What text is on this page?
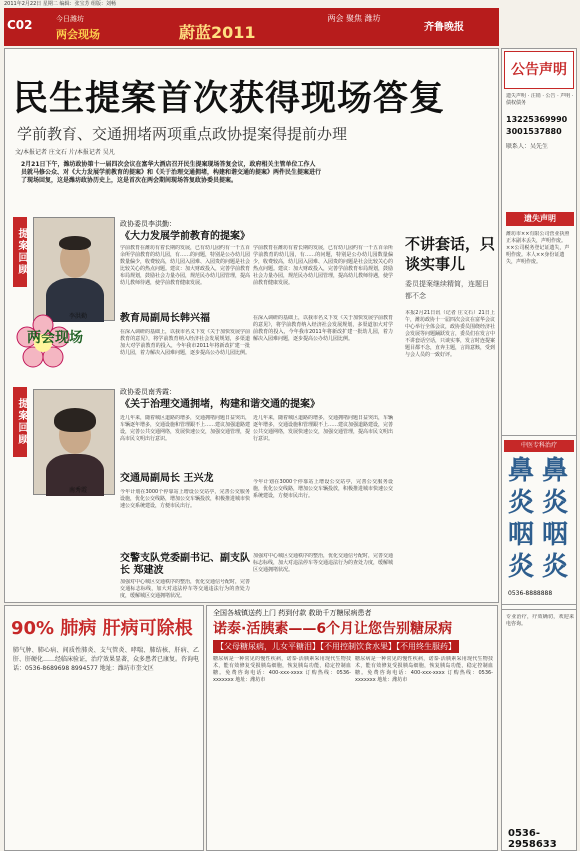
2011年2月22日 星期二 编辑：张宝芳 组版：刘畅
C02	今日潍坊
两会现场	蔚蓝2011
两会 聚焦 潍坊
齐鲁晚报
民生提案首次获得现场答复
学前教育、交通拥堵两项重点政协提案得提前办理
文/本报记者 庄文石 片/本报记者 吴凡
2月21日下午，潍坊政协第十一届四次会议在富华大酒店召开民生提案现场答复会议，政府相关主管单位工作人员就马修公众、对《大力发展学前教育的提案》和《关于治理交通拥堵，构建和谐交通的提案》两件民生提案进行了现场回复，这是潍坊政协历史上，这是首次在两会期间现场答复政协委员提案。
提案回顾
李洪勤
政协委员李洪勤：
《大力发展学前教育的提案》
学前教育在潍坊有着长期的发展，已有幼儿园约有一千五百余所学前教育的幼儿园，有……的问题，特别是公办幼儿园数量偏少，收费较高，幼儿园入园难、入园贵的问题是社会比较关心的热点问题。建议：加大财政投入，完善学前教育布局规划，鼓励社会力量办园，规范民办幼儿园管理，提高幼儿教师待遇，使学前教育健康发展。
学前教育在潍坊有着长期的发展，已有幼儿园约有一千五百余所学前教育的幼儿园，有……的问题，特别是公办幼儿园数量偏少，收费较高，幼儿园入园难、入园贵的问题是社会比较关心的热点问题。建议：加大财政投入，完善学前教育布局规划，鼓励社会力量办园，规范民办幼儿园管理，提高幼儿教师待遇，使学前教育健康发展。
教育局副局长韩兴福
在深入调研的基础上，以我市名义下发《关于加快发展学前教育的意见》，将学前教育纳入经济社会发展规划，多渠道加大对学前教育的投入，今年我市2011年将新改扩建一批幼儿园，着力解决入园难问题，逐步提高公办幼儿园比例。
在深入调研的基础上，以我市名义下发《关于加快发展学前教育的意见》，将学前教育纳入经济社会发展规划，多渠道加大对学前教育的投入，今年我市2011年将新改扩建一批幼儿园，着力解决入园难问题，逐步提高公办幼儿园比例。
提案回顾
南秀霞
政协委员南秀霞：
《关于治理交通拥堵，构建和谐交通的提案》
近几年来，随着城区道路的增多，交通拥堵问题日益突出，车辆逐年增多，交通设施和管理跟不上……建议加强道路建设，完善公共交通网络，发展快速公交，加强交通管理，提高市民文明出行意识。
近几年来，随着城区道路的增多，交通拥堵问题日益突出，车辆逐年增多，交通设施和管理跟不上……建议加强道路建设，完善公共交通网络，发展快速公交，加强交通管理，提高市民文明出行意识。
交通局副局长 王兴龙
今年计划在3000个停靠站上增设公交站亭，完善公交服务设施，优化公交线路，增加公交车辆投放，积极推进城市快速公交系统建设，方便市民出行。
今年计划在3000个停靠站上增设公交站亭，完善公交服务设施，优化公交线路，增加公交车辆投放，积极推进城市快速公交系统建设，方便市民出行。
交警支队党委副书记、副支队长 郑建波
加强对中心城区交通秩序的整治，优化交通信号配时，完善交通标志标线，加大对违法停车等交通违法行为的查处力度，缓解城区交通拥堵状况。
加强对中心城区交通秩序的整治，优化交通信号配时，完善交通标志标线，加大对违法停车等交通违法行为的查处力度，缓解城区交通拥堵状况。
两会现场
不讲套话，只谈实事儿

委员提案继续精简，连题目都不念

本报2月21日讯（记者 庄文石）21日上午，潍坊政协十一届四次会议在富华会议中心举行全体会议，政协委员围绕经济社会发展等问题踊跃发言，委员们在发言中不讲套话空话，只谈实事，发言时连提案题目都不念，直奔主题，言简意赅，受到与会人员的一致好评。
90% 肺病 肝病可除根
肺气肿、肺心病、间质性肺炎、支气管炎、哮喘、肺结核、肝病、乙肝、肝硬化……经临床验证，治疗效果显著，众多患者已康复。咨询电话：0536-8689698 8994577 地址：潍坊市奎文区
全国各城镇送药上门 药到付款 救助千万糖尿病患者
诺泰·活胰素——6个月让您告别糖尿病
【父母糖尿病，儿女平糖泪】【不用控制饮食水果】【不用终生服药】
糖尿病是一种常见的慢性疾病，诺泰·活胰素采用现代生物技术，能有效修复受损胰岛细胞，恢复胰岛功能，稳定控制血糖。免费咨询电话：400-xxx-xxxx 订购热线：0536-xxxxxxx 地址：潍坊市
糖尿病是一种常见的慢性疾病，诺泰·活胰素采用现代生物技术，能有效修复受损胰岛细胞，恢复胰岛功能，稳定控制血糖。免费咨询电话：400-xxx-xxxx 订购热线：0536-xxxxxxx 地址：潍坊市
公告声明
遗失声明 · 注销 · 公告 · 声明 · 债权债务
13225369990
3001537880
联系人：吴先生
遗失声明
潍坊市××有限公司营业执照正本副本丢失，声明作废。××公司税务登记证遗失，声明作废。本人××身份证遗失，声明作废。
中医专科治疗
鼻
炎
咽
炎
鼻
炎
咽
炎
0536-8888888
专业治疗，疗效确切，欢迎来电咨询。
0536-2958633
